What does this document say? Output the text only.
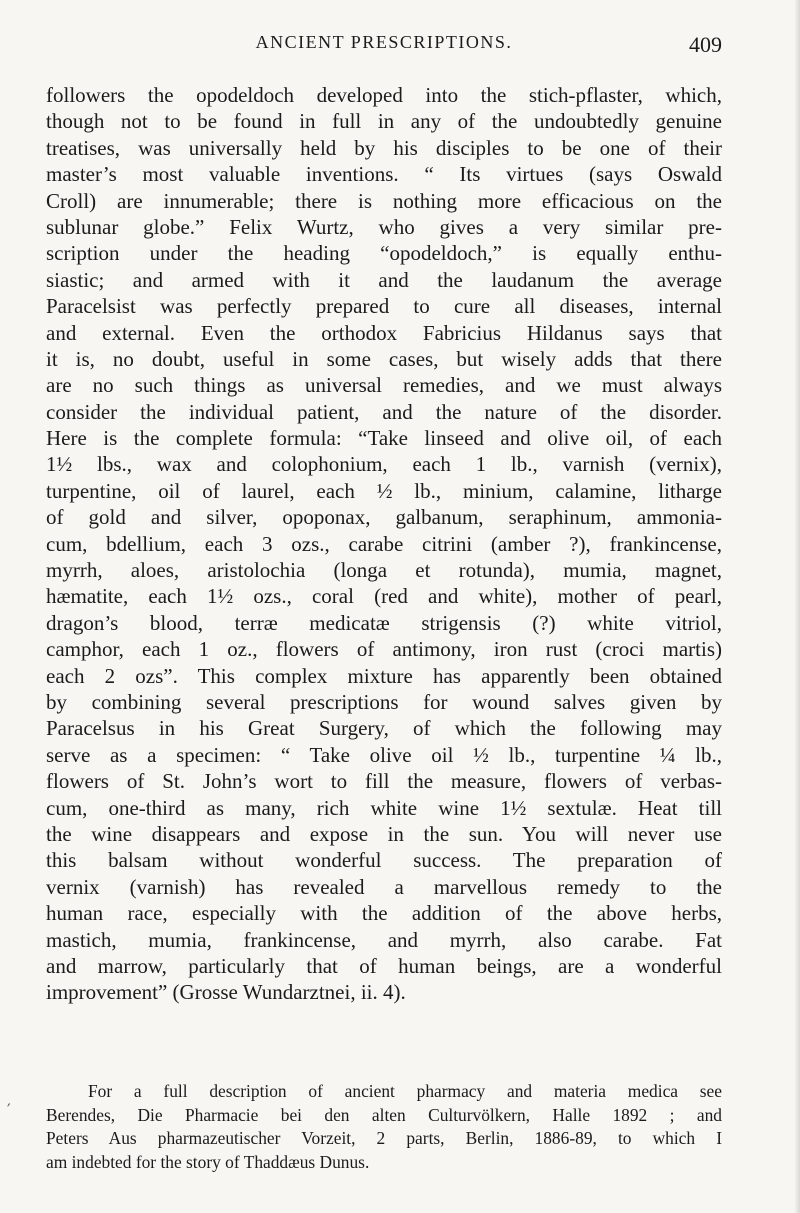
ANCIENT PRESCRIPTIONS.	409
followers the opodeldoch developed into the stich-pflaster, which,
though not to be found in full in any of the undoubtedly genuine
treatises, was universally held by his disciples to be one of their
master’s most valuable inventions. “ Its virtues (says Oswald
Croll) are innumerable; there is nothing more efficacious on the
sublunar globe.” Felix Wurtz, who gives a very similar pre-
scription under the heading “opodeldoch,” is equally enthu-
siastic; and armed with it and the laudanum the average
Paracelsist was perfectly prepared to cure all diseases, internal
and external. Even the orthodox Fabricius Hildanus says that
it is, no doubt, useful in some cases, but wisely adds that there
are no such things as universal remedies, and we must always
consider the individual patient, and the nature of the disorder.
Here is the complete formula: “Take linseed and olive oil, of each
1½ lbs., wax and colophonium, each 1 lb., varnish (vernix),
turpentine, oil of laurel, each ½ lb., minium, calamine, litharge
of gold and silver, opoponax, galbanum, seraphinum, ammonia-
cum, bdellium, each 3 ozs., carabe citrini (amber ?), frankincense,
myrrh, aloes, aristolochia (longa et rotunda), mumia, magnet,
hæmatite, each 1½ ozs., coral (red and white), mother of pearl,
dragon’s blood, terræ medicatæ strigensis (?) white vitriol,
camphor, each 1 oz., flowers of antimony, iron rust (croci martis)
each 2 ozs”. This complex mixture has apparently been obtained
by combining several prescriptions for wound salves given by
Paracelsus in his Great Surgery, of which the following may
serve as a specimen: “ Take olive oil ½ lb., turpentine ¼ lb.,
flowers of St. John’s wort to fill the measure, flowers of verbas-
cum, one-third as many, rich white wine 1½ sextulæ. Heat till
the wine disappears and expose in the sun. You will never use
this balsam without wonderful success. The preparation of
vernix (varnish) has revealed a marvellous remedy to the
human race, especially with the addition of the above herbs,
mastich, mumia, frankincense, and myrrh, also carabe. Fat
and marrow, particularly that of human beings, are a wonderful
improvement” (Grosse Wundarztnei, ii. 4).
For a full description of ancient pharmacy and materia medica see
Berendes, Die Pharmacie bei den alten Culturvölkern, Halle 1892 ; and
Peters Aus pharmazeutischer Vorzeit, 2 parts, Berlin, 1886-89, to which I
am indebted for the story of Thaddæus Dunus.
′
